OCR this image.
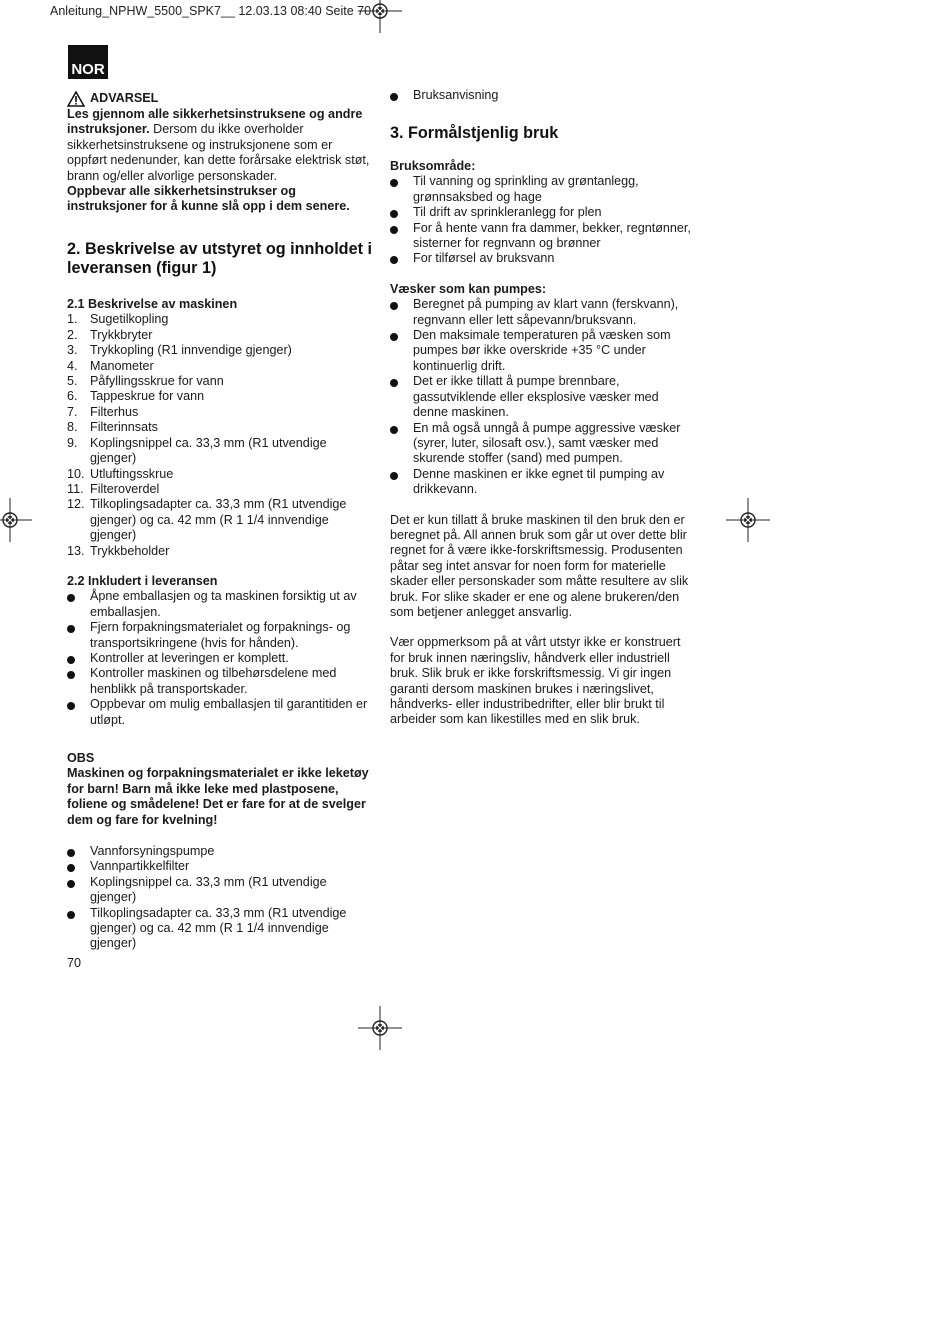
Anleitung_NPHW_5500_SPK7__ 12.03.13 08:40 Seite 70
NOR
ADVARSEL

Les gjennom alle sikkerhetsinstruksene og andre instruksjoner. Dersom du ikke overholder sikkerhetsinstruksene og instruksjonene som er oppført nedenunder, kan dette forårsake elektrisk støt, brann og/eller alvorlige personskader.

Oppbevar alle sikkerhetsinstrukser og instruksjoner for å kunne slå opp i dem senere.

2. Beskrivelse av utstyret og innholdet i leveransen (figur 1)
2.1 Beskrivelse av maskinen
1. Sugetilkopling
2. Trykkbryter
3. Trykkopling (R1 innvendige gjenger)
4. Manometer
5. Påfyllingsskrue for vann
6. Tappeskrue for vann
7. Filterhus
8. Filterinnsats
9. Koplingsnippel ca. 33,3 mm (R1 utvendige gjenger)
10. Utluftingsskrue
11. Filteroverdel
12. Tilkoplingsadapter ca. 33,3 mm (R1 utvendige gjenger) og ca. 42 mm (R 1 1/4 innvendige gjenger)
13. Trykkbeholder
2.2 Inkludert i leveransen
Åpne emballasjen og ta maskinen forsiktig ut av emballasjen.
Fjern forpakningsmaterialet og forpaknings- og transportsikringene (hvis for hånden).
Kontroller at leveringen er komplett.
Kontroller maskinen og tilbehørsdelene med henblikk på transportskader.
Oppbevar om mulig emballasjen til garantitiden er utløpt.

OBS

Maskinen og forpakningsmaterialet er ikke leketøy for barn! Barn må ikke leke med plastposene, foliene og smådelene! Det er fare for at de svelger dem og fare for kvelning!

Vannforsyningspumpe
Vannpartikkelfilter
Koplingsnippel ca. 33,3 mm (R1 utvendige gjenger)
Tilkoplingsadapter ca. 33,3 mm (R1 utvendige gjenger) og ca. 42 mm (R 1 1/4 innvendige gjenger)
Bruksanvisning
3. Formålstjenlig bruk
Bruksområde:
Til vanning og sprinkling av grøntanlegg, grønnsaksbed og hage
Til drift av sprinkleranlegg for plen
For å hente vann fra dammer, bekker, regntønner, sisterner for regnvann og brønner
For tilførsel av bruksvann
Væsker som kan pumpes:
Beregnet på pumping av klart vann (ferskvann), regnvann eller lett såpevann/bruksvann.
Den maksimale temperaturen på væsken som pumpes bør ikke overskride +35 °C under kontinuerlig drift.
Det er ikke tillatt å pumpe brennbare, gassutviklende eller eksplosive væsker med denne maskinen.
En må også unngå å pumpe aggressive væsker (syrer, luter, silosaft osv.), samt væsker med skurende stoffer (sand) med pumpen.
Denne maskinen er ikke egnet til pumping av drikkevann.

Det er kun tillatt å bruke maskinen til den bruk den er beregnet på. All annen bruk som går ut over dette blir regnet for å være ikke-forskriftsmessig. Produsenten påtar seg intet ansvar for noen form for materielle skader eller personskader som måtte resultere av slik bruk. For slike skader er ene og alene brukeren/den som betjener anlegget ansvarlig.

Vær oppmerksom på at vårt utstyr ikke er konstruert for bruk innen næringsliv, håndverk eller industriell bruk. Slik bruk er ikke forskriftsmessig. Vi gir ingen garanti dersom maskinen brukes i næringslivet, håndverks- eller industribedrifter, eller blir brukt til arbeider som kan likestilles med en slik bruk.

70
